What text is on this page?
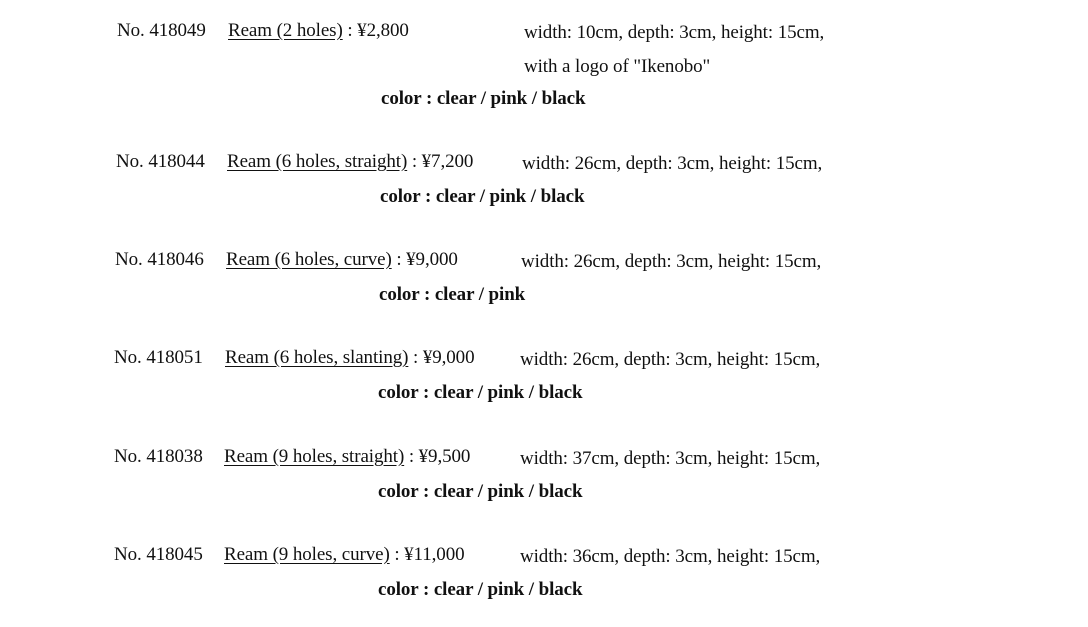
No. 418049 Ream (2 holes) : ¥2,800	width: 10cm, depth: 3cm, height: 15cm,
with a logo of "Ikenobo"
color : clear / pink / black
No. 418044 Ream (6 holes, straight) : ¥7,200	width: 26cm, depth: 3cm, height: 15cm,
color : clear / pink / black
No. 418046 Ream (6 holes, curve) : ¥9,000	width: 26cm, depth: 3cm, height: 15cm,
color : clear / pink
No. 418051 Ream (6 holes, slanting) : ¥9,000 width: 26cm, depth: 3cm, height: 15cm,
color : clear / pink / black
No. 418038 Ream (9 holes, straight) : ¥9,500	width: 37cm, depth: 3cm, height: 15cm,
color : clear / pink / black
No. 418045 Ream (9 holes, curve) : ¥11,000	width: 36cm, depth: 3cm, height: 15cm,
color : clear / pink / black
